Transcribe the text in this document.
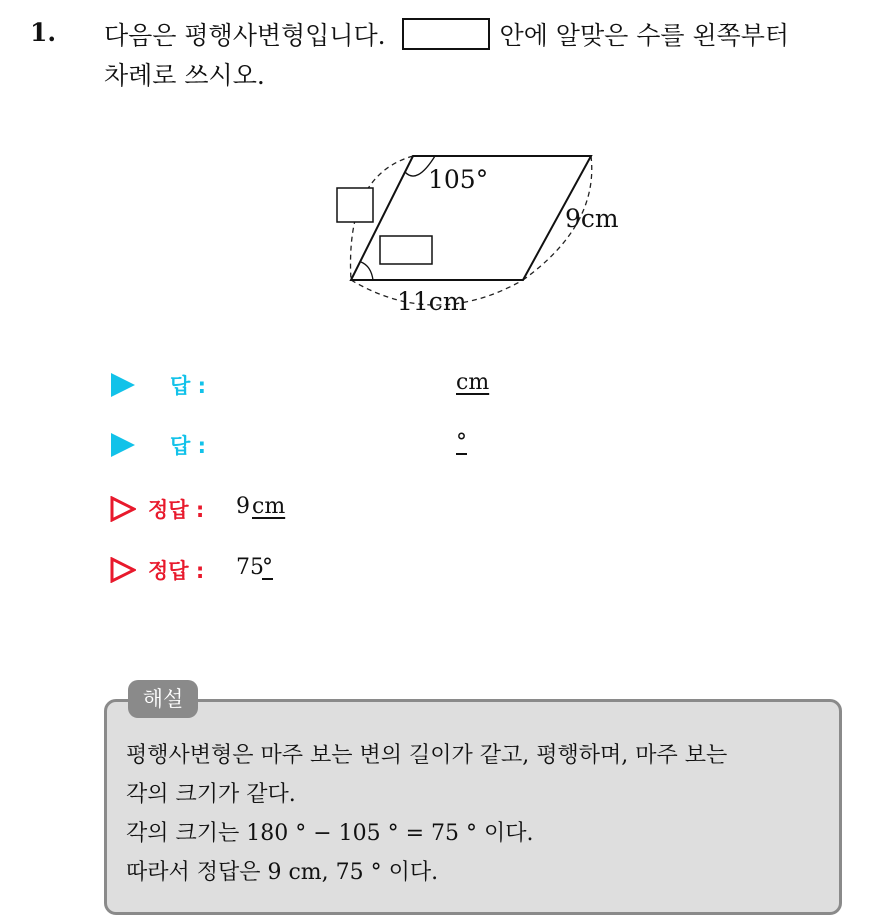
1. 다음은 평행사변형입니다.	안에 알맞은 수를 왼쪽부터
차례로 쓰시오.
105°
9cm
11cm
답 :	cm
답 :	°
정답 : 9 cm
정답 : 75
°
해설
평행사변형은 마주 보는 변의 길이가 같고, 평행하며, 마주 보는
각의 크기가 같다.
각의 크기는 180 ° − 105 ° = 75 ° 이다.
따라서 정답은 9 cm, 75 ° 이다.
